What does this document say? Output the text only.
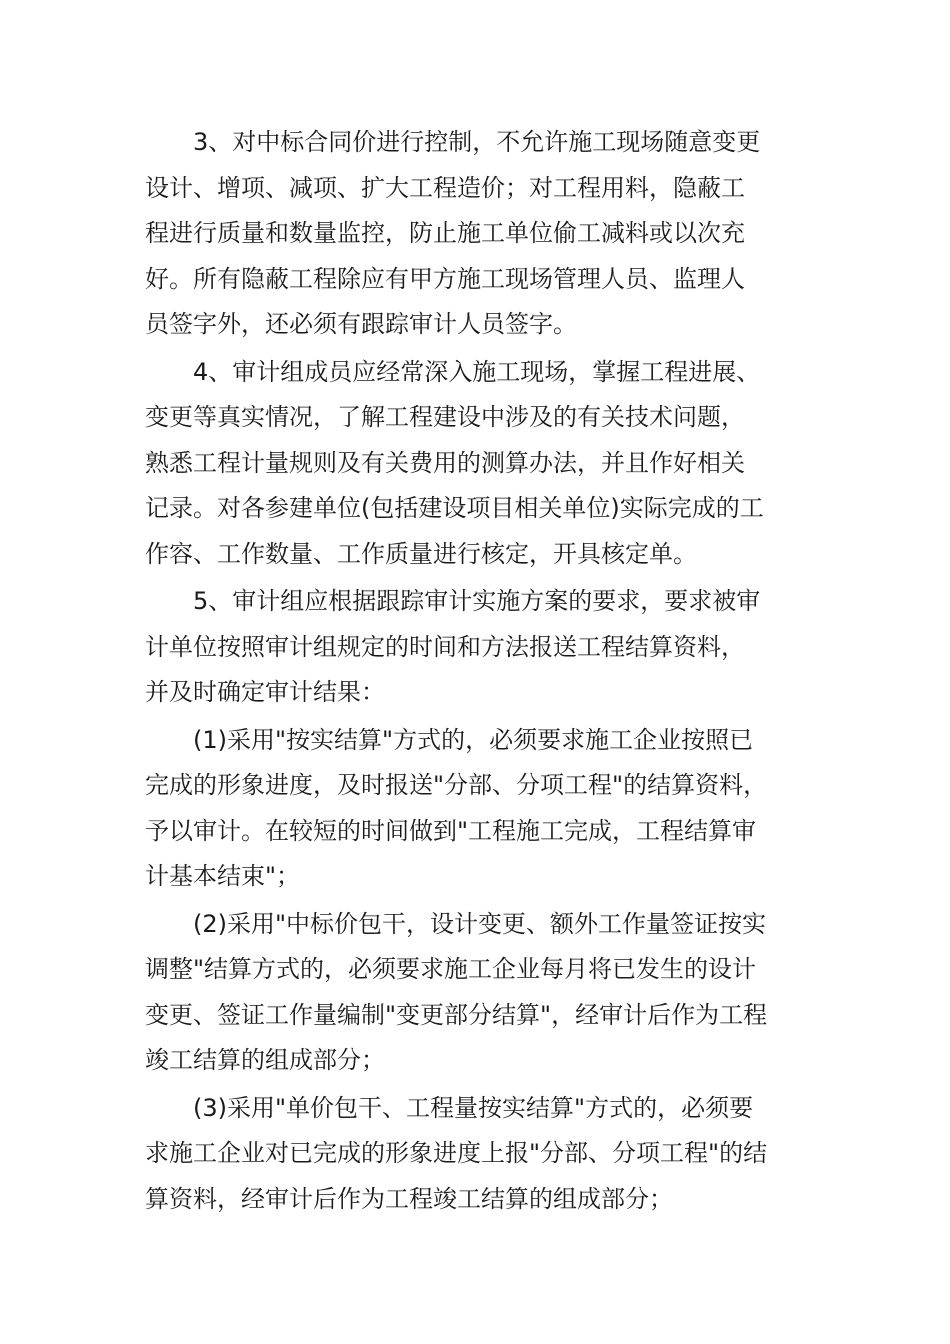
3、对中标合同价进行控制，不允许施工现场随意变更
设计、增项、减项、扩大工程造价；对工程用料，隐蔽工
程进行质量和数量监控，防止施工单位偷工减料或以次充
好。所有隐蔽工程除应有甲方施工现场管理人员、监理人
员签字外，还必须有跟踪审计人员签字。

4、审计组成员应经常深入施工现场，掌握工程进展、
变更等真实情况，了解工程建设中涉及的有关技术问题，
熟悉工程计量规则及有关费用的测算办法，并且作好相关
记录。对各参建单位(包括建设项目相关单位)实际完成的工
作容、工作数量、工作质量进行核定，开具核定单。

5、审计组应根据跟踪审计实施方案的要求，要求被审
计单位按照审计组规定的时间和方法报送工程结算资料，
并及时确定审计结果：

(1)采用"按实结算"方式的，必须要求施工企业按照已
完成的形象进度，及时报送"分部、分项工程"的结算资料，
予以审计。在较短的时间做到"工程施工完成，工程结算审
计基本结束"；

(2)采用"中标价包干，设计变更、额外工作量签证按实
调整"结算方式的，必须要求施工企业每月将已发生的设计
变更、签证工作量编制"变更部分结算"，经审计后作为工程
竣工结算的组成部分；

(3)采用"单价包干、工程量按实结算"方式的，必须要
求施工企业对已完成的形象进度上报"分部、分项工程"的结
算资料，经审计后作为工程竣工结算的组成部分；
